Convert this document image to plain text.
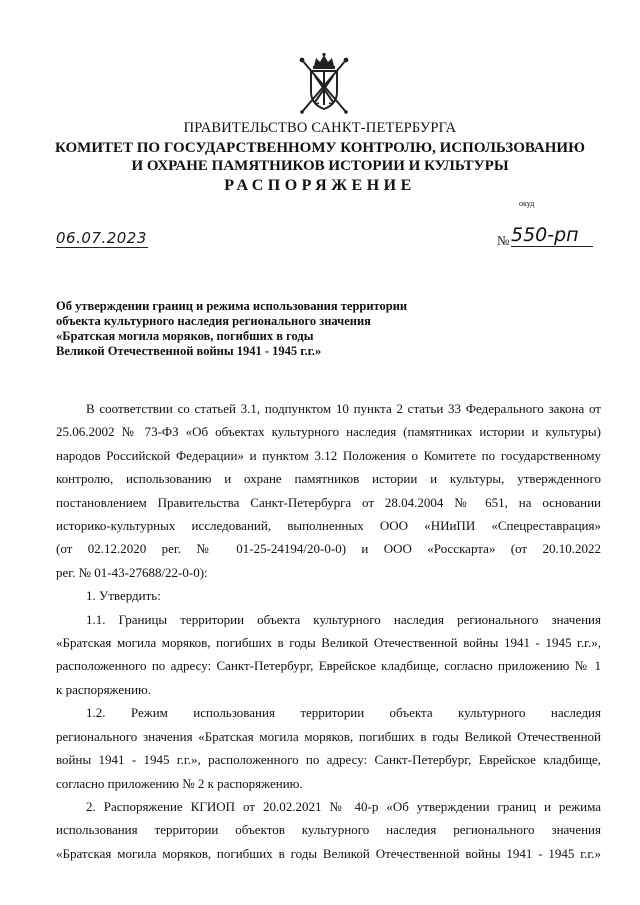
ПРАВИТЕЛЬСТВО САНКТ-ПЕТЕРБУРГА
КОМИТЕТ ПО ГОСУДАРСТВЕННОМУ КОНТРОЛЮ, ИСПОЛЬЗОВАНИЮ
И ОХРАНЕ ПАМЯТНИКОВ ИСТОРИИ И КУЛЬТУРЫ
РАСПОРЯЖЕНИЕ
окуд
06.07.2023	№ 550-рп
Об утверждении границ и режима использования территории
объекта культурного наследия регионального значения
«Братская могила моряков, погибших в годы
Великой Отечественной войны 1941 - 1945 г.г.»

В соответствии со статьей 3.1, подпунктом 10 пункта 2 статьи 33 Федерального закона от

25.06.2002 № 73-ФЗ «Об объектах культурного наследия (памятниках истории и культуры)

народов Российской Федерации» и пунктом 3.12 Положения о Комитете по государственному

контролю, использованию и охране памятников истории и культуры, утвержденного

постановлением Правительства Санкт-Петербурга от 28.04.2004 № 651, на основании

историко-культурных исследований, выполненных ООО «НИиПИ «Спецреставрация»

(от 02.12.2020 рег. № 01-25-24194/20-0-0) и ООО «Росскарта» (от 20.10.2022

рег. № 01-43-27688/22-0-0):

1. Утвердить:

1.1. Границы территории объекта культурного наследия регионального значения

«Братская могила моряков, погибших в годы Великой Отечественной войны 1941 - 1945 г.г.»,

расположенного по адресу: Санкт-Петербург, Еврейское кладбище, согласно приложению № 1

к распоряжению.

1.2. Режим использования территории объекта культурного наследия

регионального значения «Братская могила моряков, погибших в годы Великой Отечественной

войны 1941 - 1945 г.г.», расположенного по адресу: Санкт-Петербург, Еврейское кладбище,

согласно приложению № 2 к распоряжению.

2. Распоряжение КГИОП от 20.02.2021 № 40-р «Об утверждении границ и режима

использования территории объектов культурного наследия регионального значения

«Братская могила моряков, погибших в годы Великой Отечественной войны 1941 - 1945 г.г.»
